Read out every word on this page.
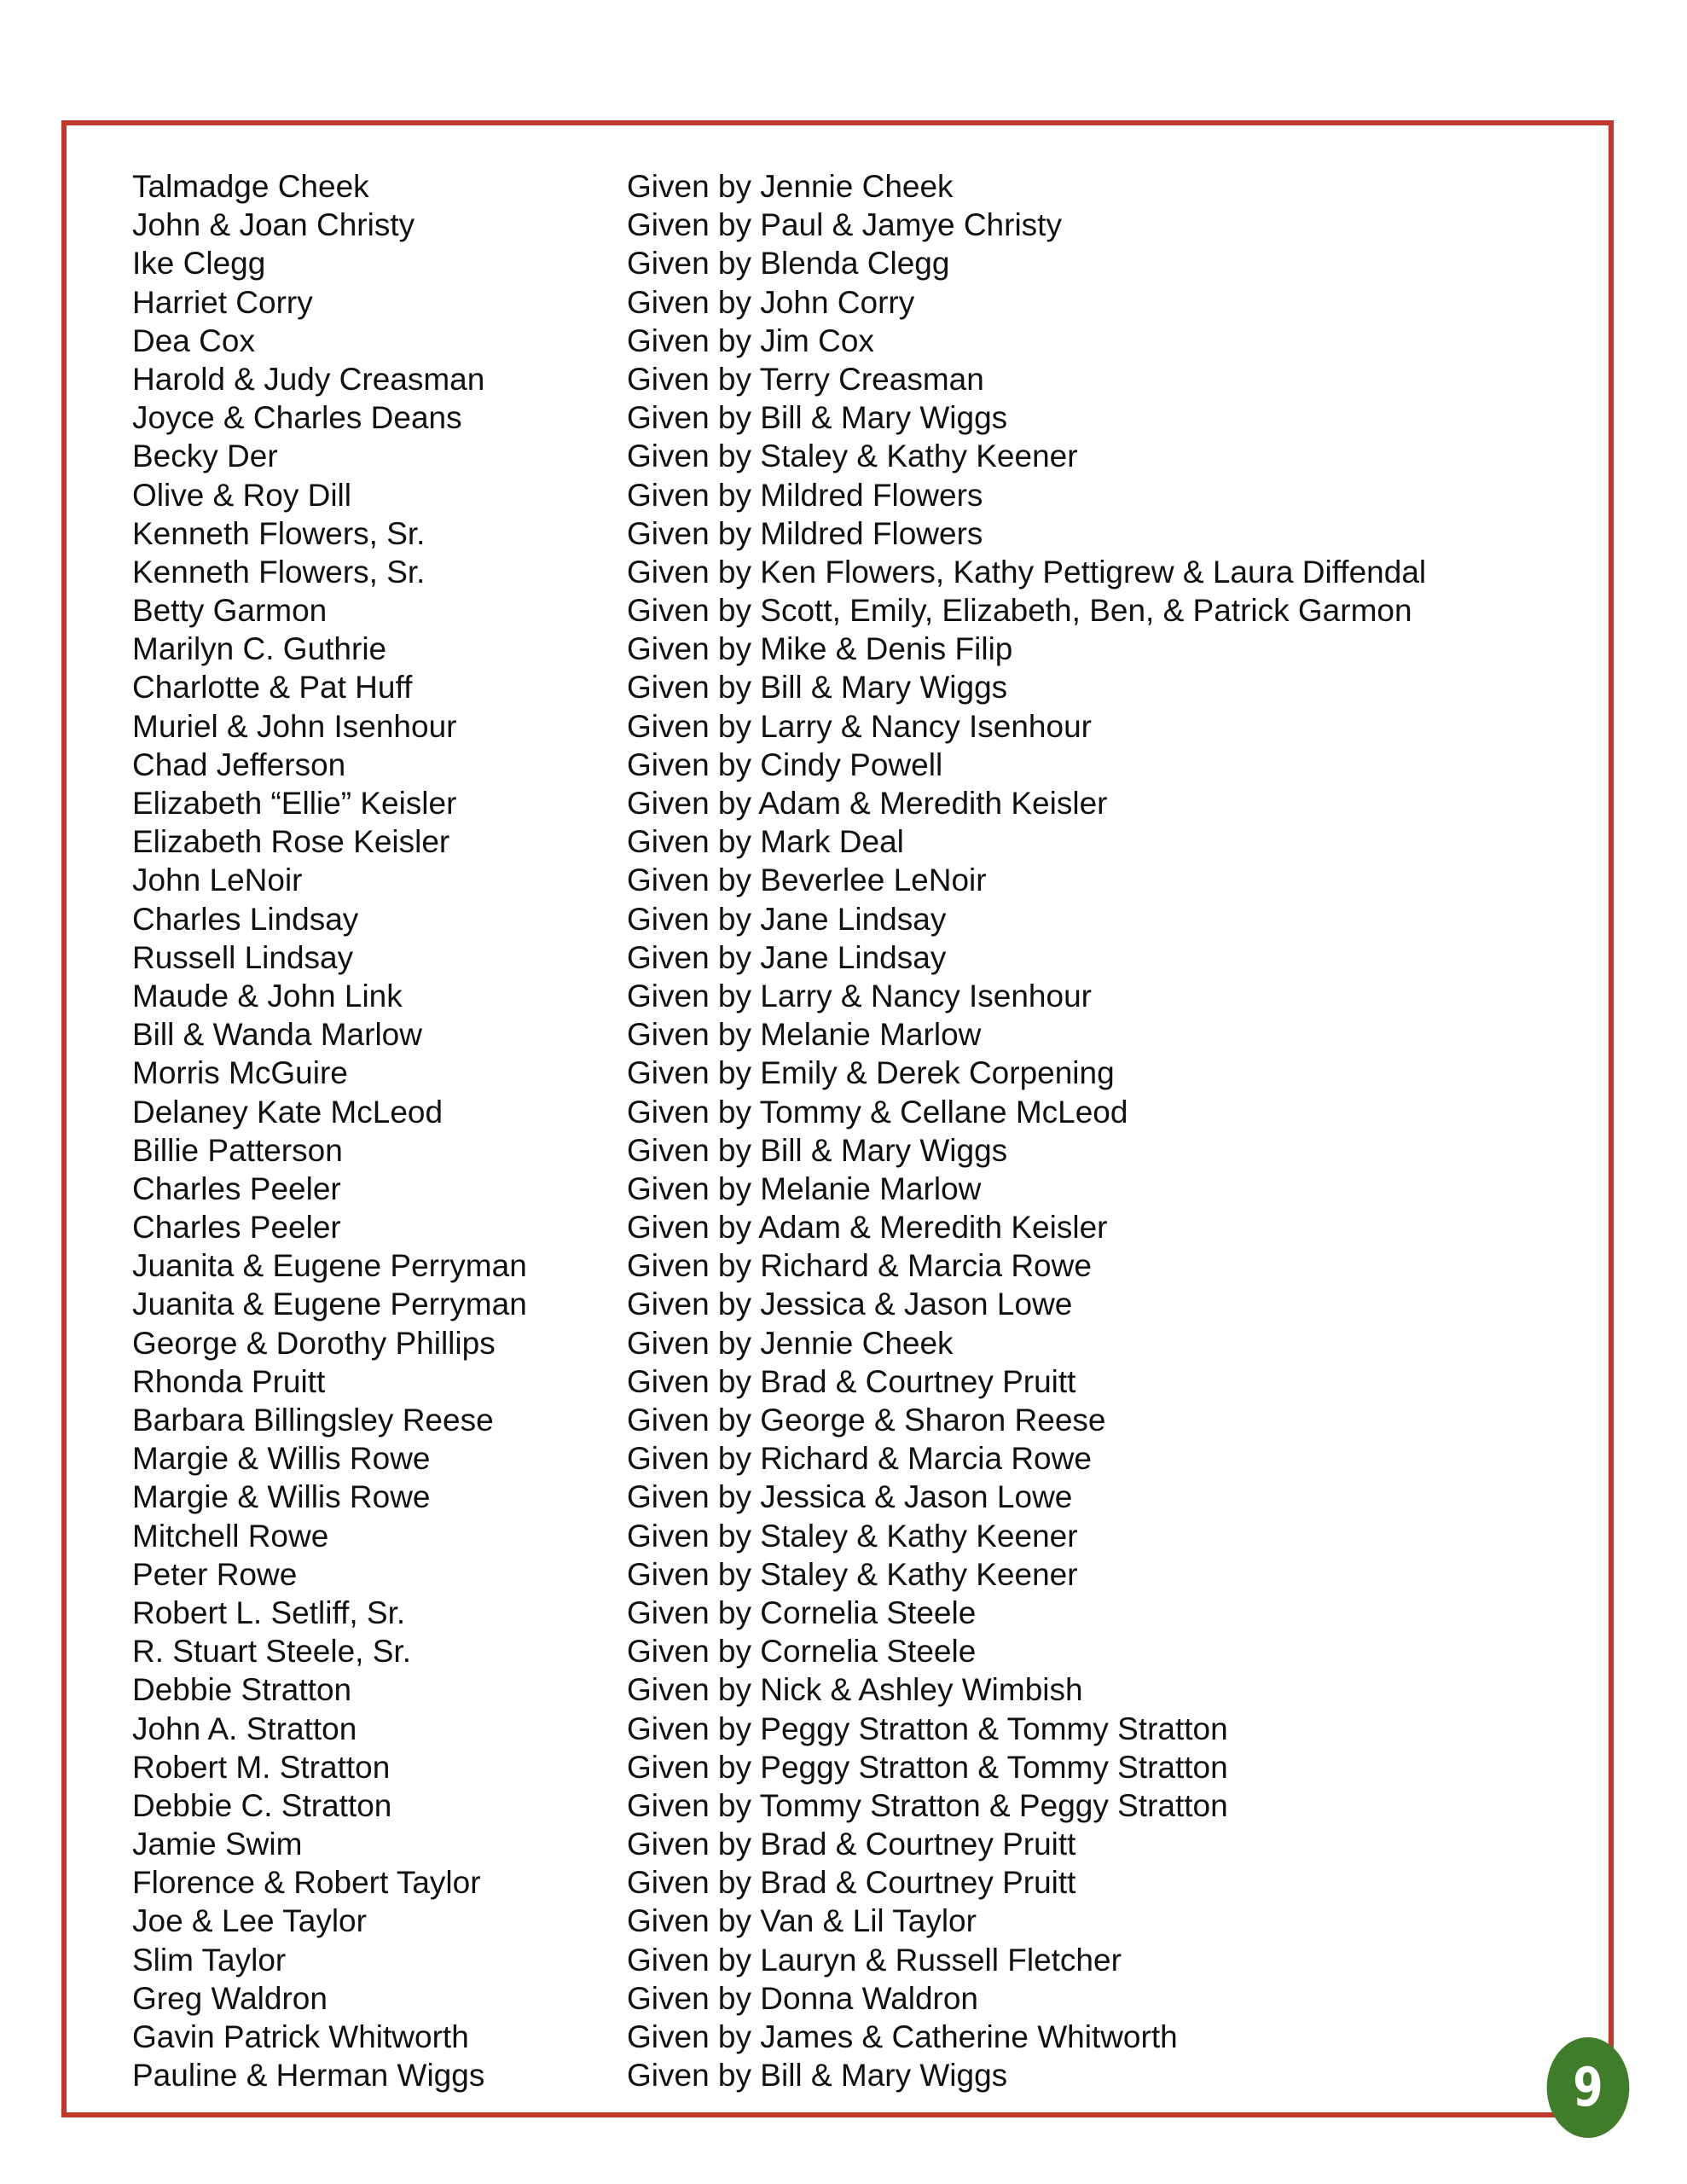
Talmadge Cheek	Given by Jennie Cheek
John & Joan Christy	Given by Paul & Jamye Christy
Ike Clegg	Given by Blenda Clegg
Harriet Corry	Given by John Corry
Dea Cox	Given by Jim Cox
Harold & Judy Creasman	Given by Terry Creasman
Joyce & Charles Deans	Given by Bill & Mary Wiggs
Becky Der	Given by Staley & Kathy Keener
Olive & Roy Dill	Given by Mildred Flowers
Kenneth Flowers, Sr.	Given by Mildred Flowers
Kenneth Flowers, Sr.	Given by Ken Flowers, Kathy Pettigrew & Laura Diffendal
Betty Garmon	Given by Scott, Emily, Elizabeth, Ben, & Patrick Garmon
Marilyn C. Guthrie	Given by Mike & Denis Filip
Charlotte & Pat Huff	Given by Bill & Mary Wiggs
Muriel & John Isenhour	Given by Larry & Nancy Isenhour
Chad Jefferson	Given by Cindy Powell
Elizabeth “Ellie” Keisler	Given by Adam & Meredith Keisler
Elizabeth Rose Keisler	Given by Mark Deal
John LeNoir	Given by Beverlee LeNoir
Charles Lindsay	Given by Jane Lindsay
Russell Lindsay	Given by Jane Lindsay
Maude & John Link	Given by Larry & Nancy Isenhour
Bill & Wanda Marlow	Given by Melanie Marlow
Morris McGuire	Given by Emily & Derek Corpening
Delaney Kate McLeod	Given by Tommy & Cellane McLeod
Billie Patterson	Given by Bill & Mary Wiggs
Charles Peeler	Given by Melanie Marlow
Charles Peeler	Given by Adam & Meredith Keisler
Juanita & Eugene Perryman	Given by Richard & Marcia Rowe
Juanita & Eugene Perryman	Given by Jessica & Jason Lowe
George & Dorothy Phillips	Given by Jennie Cheek
Rhonda Pruitt	Given by Brad & Courtney Pruitt
Barbara Billingsley Reese	Given by George & Sharon Reese
Margie & Willis Rowe	Given by Richard & Marcia Rowe
Margie & Willis Rowe	Given by Jessica & Jason Lowe
Mitchell Rowe	Given by Staley & Kathy Keener
Peter Rowe	Given by Staley & Kathy Keener
Robert L. Setliff, Sr.	Given by Cornelia Steele
R. Stuart Steele, Sr.	Given by Cornelia Steele
Debbie Stratton	Given by Nick & Ashley Wimbish
John A. Stratton	Given by Peggy Stratton & Tommy Stratton
Robert M. Stratton	Given by Peggy Stratton & Tommy Stratton
Debbie C. Stratton	Given by Tommy Stratton & Peggy Stratton
Jamie Swim	Given by Brad & Courtney Pruitt
Florence & Robert Taylor	Given by Brad & Courtney Pruitt
Joe & Lee Taylor	Given by Van & Lil Taylor
Slim Taylor	Given by Lauryn & Russell Fletcher
Greg Waldron	Given by Donna Waldron
Gavin Patrick Whitworth	Given by James & Catherine Whitworth
Pauline & Herman Wiggs	Given by Bill & Mary Wiggs	9
